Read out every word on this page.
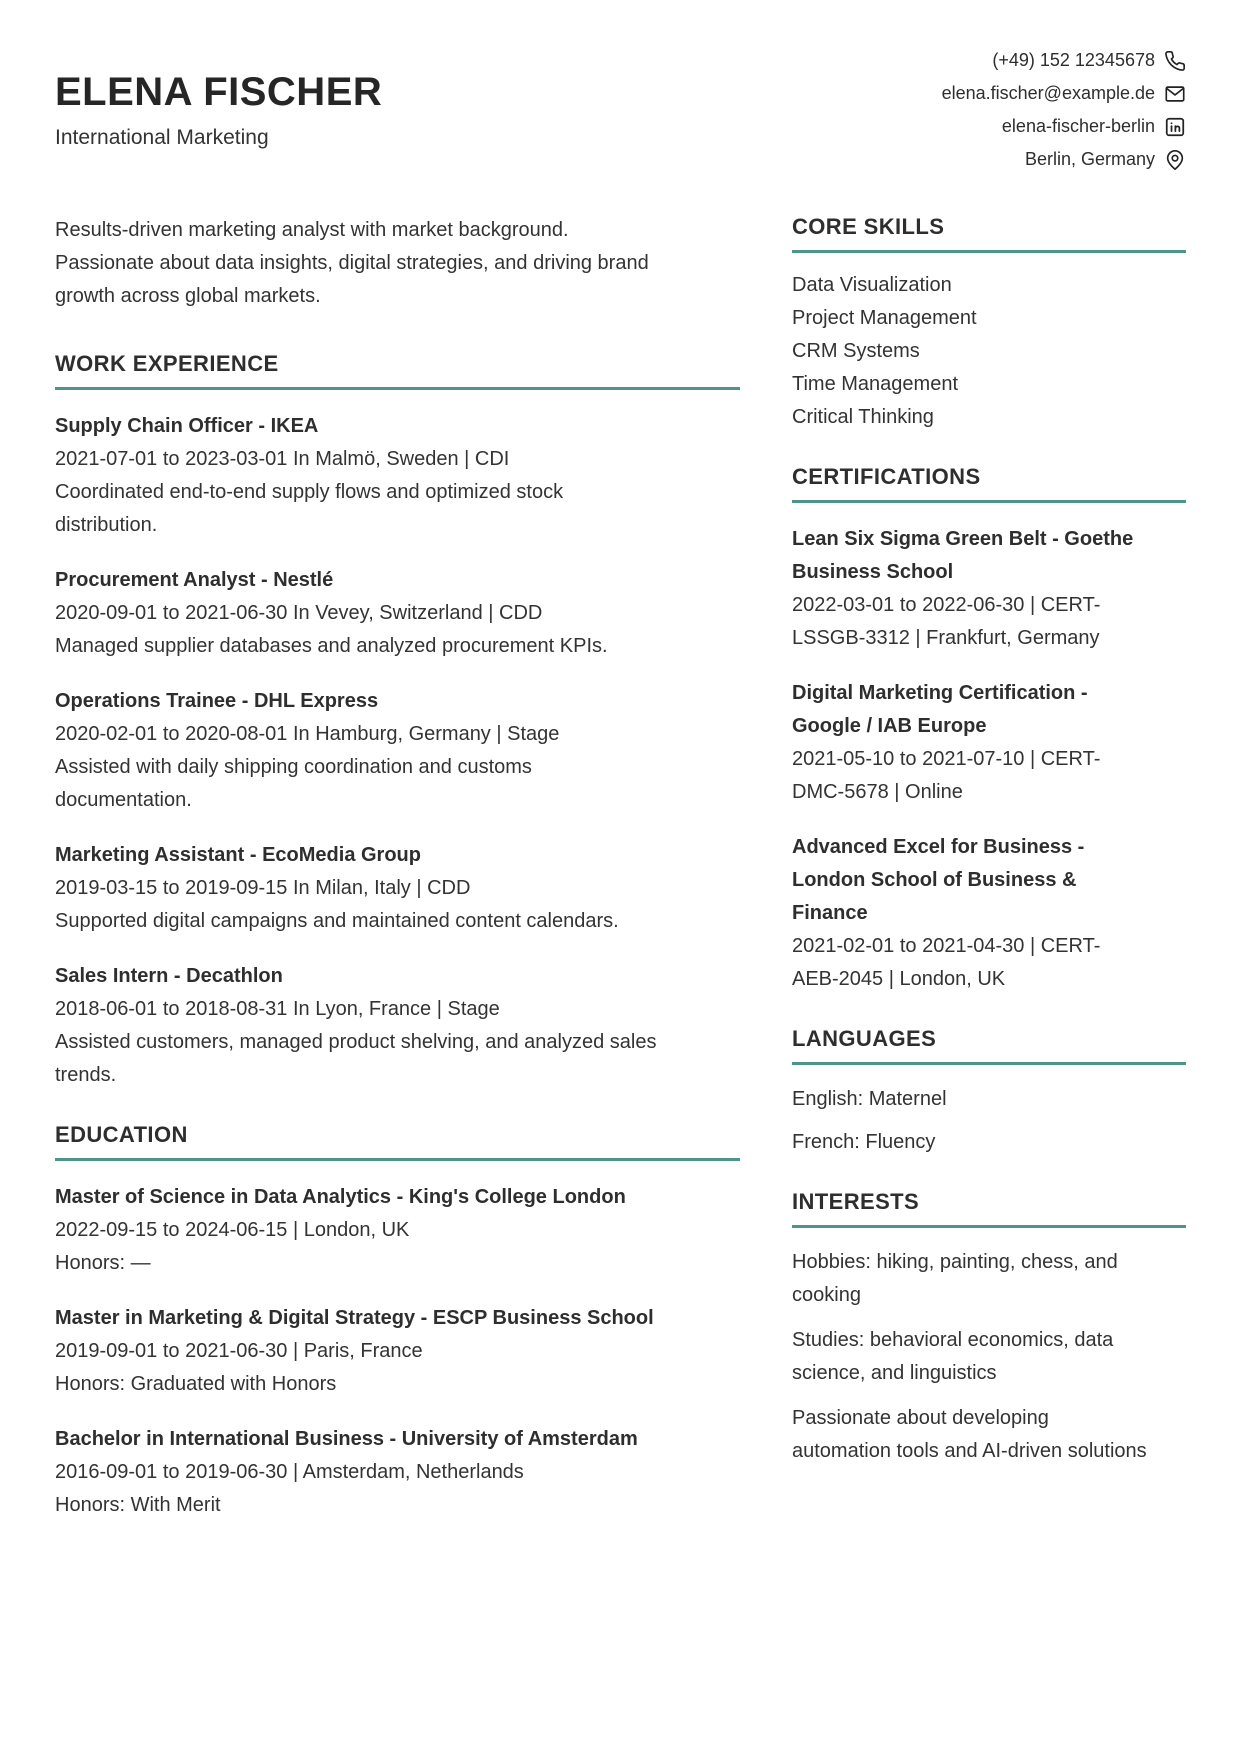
ELENA FISCHER
International Marketing
(+49) 152 12345678
elena.fischer@example.de
elena-fischer-berlin
Berlin, Germany
Results-driven marketing analyst with market background. Passionate about data insights, digital strategies, and driving brand growth across global markets.
WORK EXPERIENCE
Supply Chain Officer - IKEA
2021-07-01 to 2023-03-01 In Malmö, Sweden | CDI
Coordinated end-to-end supply flows and optimized stock distribution.
Procurement Analyst - Nestlé
2020-09-01 to 2021-06-30 In Vevey, Switzerland | CDD
Managed supplier databases and analyzed procurement KPIs.
Operations Trainee - DHL Express
2020-02-01 to 2020-08-01 In Hamburg, Germany | Stage
Assisted with daily shipping coordination and customs documentation.
Marketing Assistant - EcoMedia Group
2019-03-15 to 2019-09-15 In Milan, Italy | CDD
Supported digital campaigns and maintained content calendars.
Sales Intern - Decathlon
2018-06-01 to 2018-08-31 In Lyon, France | Stage
Assisted customers, managed product shelving, and analyzed sales trends.
EDUCATION
Master of Science in Data Analytics - King's College London
2022-09-15 to 2024-06-15 | London, UK
Honors: —
Master in Marketing & Digital Strategy - ESCP Business School
2019-09-01 to 2021-06-30 | Paris, France
Honors: Graduated with Honors
Bachelor in International Business - University of Amsterdam
2016-09-01 to 2019-06-30 | Amsterdam, Netherlands
Honors: With Merit
CORE SKILLS
Data Visualization
Project Management
CRM Systems
Time Management
Critical Thinking
CERTIFICATIONS
Lean Six Sigma Green Belt - Goethe Business School
2022-03-01 to 2022-06-30 | CERT-LSSGB-3312 | Frankfurt, Germany
Digital Marketing Certification - Google / IAB Europe
2021-05-10 to 2021-07-10 | CERT-DMC-5678 | Online
Advanced Excel for Business - London School of Business & Finance
2021-02-01 to 2021-04-30 | CERT-AEB-2045 | London, UK
LANGUAGES
English: Maternel
French: Fluency
INTERESTS
Hobbies: hiking, painting, chess, and cooking
Studies: behavioral economics, data science, and linguistics
Passionate about developing automation tools and AI-driven solutions
